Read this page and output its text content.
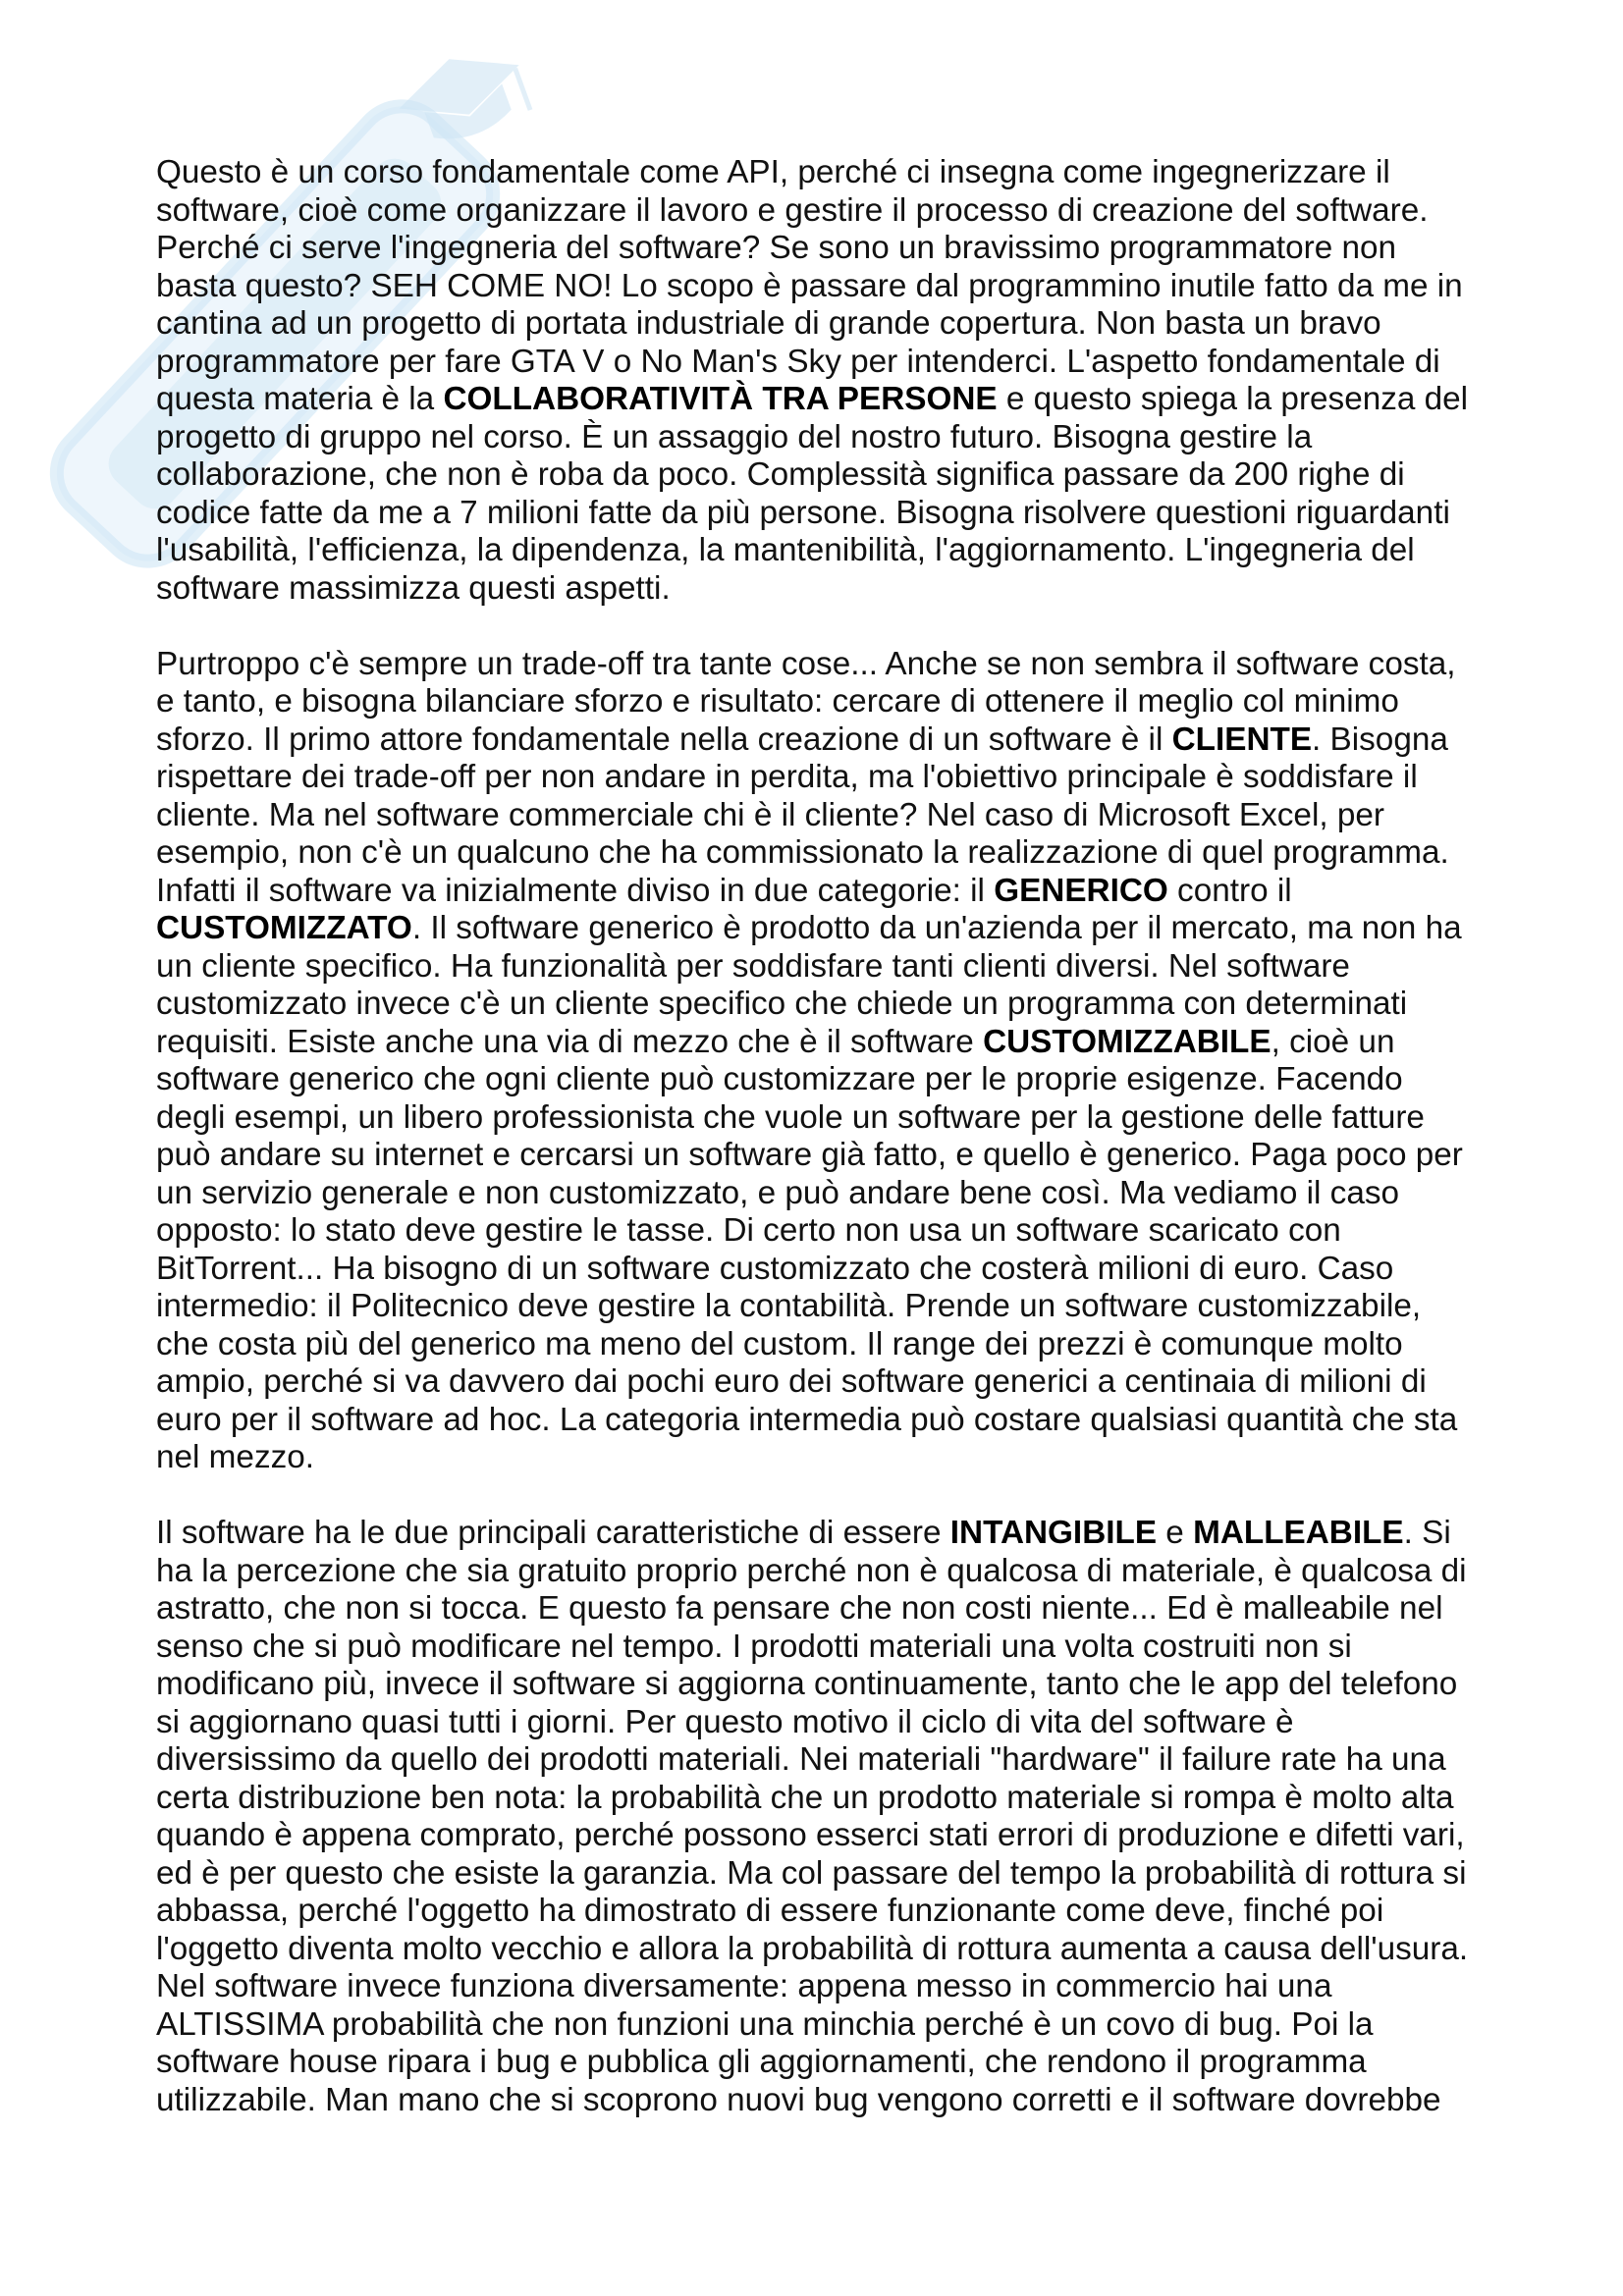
Questo è un corso fondamentale come API, perché ci insegna come ingegnerizzare il
software, cioè come organizzare il lavoro e gestire il processo di creazione del software.
Perché ci serve l'ingegneria del software? Se sono un bravissimo programmatore non
basta questo? SEH COME NO! Lo scopo è passare dal programmino inutile fatto da me in
cantina ad un progetto di portata industriale di grande copertura. Non basta un bravo
programmatore per fare GTA V o No Man's Sky per intenderci. L'aspetto fondamentale di
questa materia è la COLLABORATIVITÀ TRA PERSONE e questo spiega la presenza del
progetto di gruppo nel corso. È un assaggio del nostro futuro. Bisogna gestire la
collaborazione, che non è roba da poco. Complessità significa passare da 200 righe di
codice fatte da me a 7 milioni fatte da più persone. Bisogna risolvere questioni riguardanti
l'usabilità, l'efficienza, la dipendenza, la mantenibilità, l'aggiornamento. L'ingegneria del
software massimizza questi aspetti.
Purtroppo c'è sempre un trade-off tra tante cose... Anche se non sembra il software costa,
e tanto, e bisogna bilanciare sforzo e risultato: cercare di ottenere il meglio col minimo
sforzo. Il primo attore fondamentale nella creazione di un software è il CLIENTE. Bisogna
rispettare dei trade-off per non andare in perdita, ma l'obiettivo principale è soddisfare il
cliente. Ma nel software commerciale chi è il cliente? Nel caso di Microsoft Excel, per
esempio, non c'è un qualcuno che ha commissionato la realizzazione di quel programma.
Infatti il software va inizialmente diviso in due categorie: il GENERICO contro il
CUSTOMIZZATO. Il software generico è prodotto da un'azienda per il mercato, ma non ha
un cliente specifico. Ha funzionalità per soddisfare tanti clienti diversi. Nel software
customizzato invece c'è un cliente specifico che chiede un programma con determinati
requisiti. Esiste anche una via di mezzo che è il software CUSTOMIZZABILE, cioè un
software generico che ogni cliente può customizzare per le proprie esigenze. Facendo
degli esempi, un libero professionista che vuole un software per la gestione delle fatture
può andare su internet e cercarsi un software già fatto, e quello è generico. Paga poco per
un servizio generale e non customizzato, e può andare bene così. Ma vediamo il caso
opposto: lo stato deve gestire le tasse. Di certo non usa un software scaricato con
BitTorrent... Ha bisogno di un software customizzato che costerà milioni di euro. Caso
intermedio: il Politecnico deve gestire la contabilità. Prende un software customizzabile,
che costa più del generico ma meno del custom. Il range dei prezzi è comunque molto
ampio, perché si va davvero dai pochi euro dei software generici a centinaia di milioni di
euro per il software ad hoc. La categoria intermedia può costare qualsiasi quantità che sta
nel mezzo.
Il software ha le due principali caratteristiche di essere INTANGIBILE e MALLEABILE. Si
ha la percezione che sia gratuito proprio perché non è qualcosa di materiale, è qualcosa di
astratto, che non si tocca. E questo fa pensare che non costi niente... Ed è malleabile nel
senso che si può modificare nel tempo. I prodotti materiali una volta costruiti non si
modificano più, invece il software si aggiorna continuamente, tanto che le app del telefono
si aggiornano quasi tutti i giorni. Per questo motivo il ciclo di vita del software è
diversissimo da quello dei prodotti materiali. Nei materiali "hardware" il failure rate ha una
certa distribuzione ben nota: la probabilità che un prodotto materiale si rompa è molto alta
quando è appena comprato, perché possono esserci stati errori di produzione e difetti vari,
ed è per questo che esiste la garanzia. Ma col passare del tempo la probabilità di rottura si
abbassa, perché l'oggetto ha dimostrato di essere funzionante come deve, finché poi
l'oggetto diventa molto vecchio e allora la probabilità di rottura aumenta a causa dell'usura.
Nel software invece funziona diversamente: appena messo in commercio hai una
ALTISSIMA probabilità che non funzioni una minchia perché è un covo di bug. Poi la
software house ripara i bug e pubblica gli aggiornamenti, che rendono il programma
utilizzabile. Man mano che si scoprono nuovi bug vengono corretti e il software dovrebbe
